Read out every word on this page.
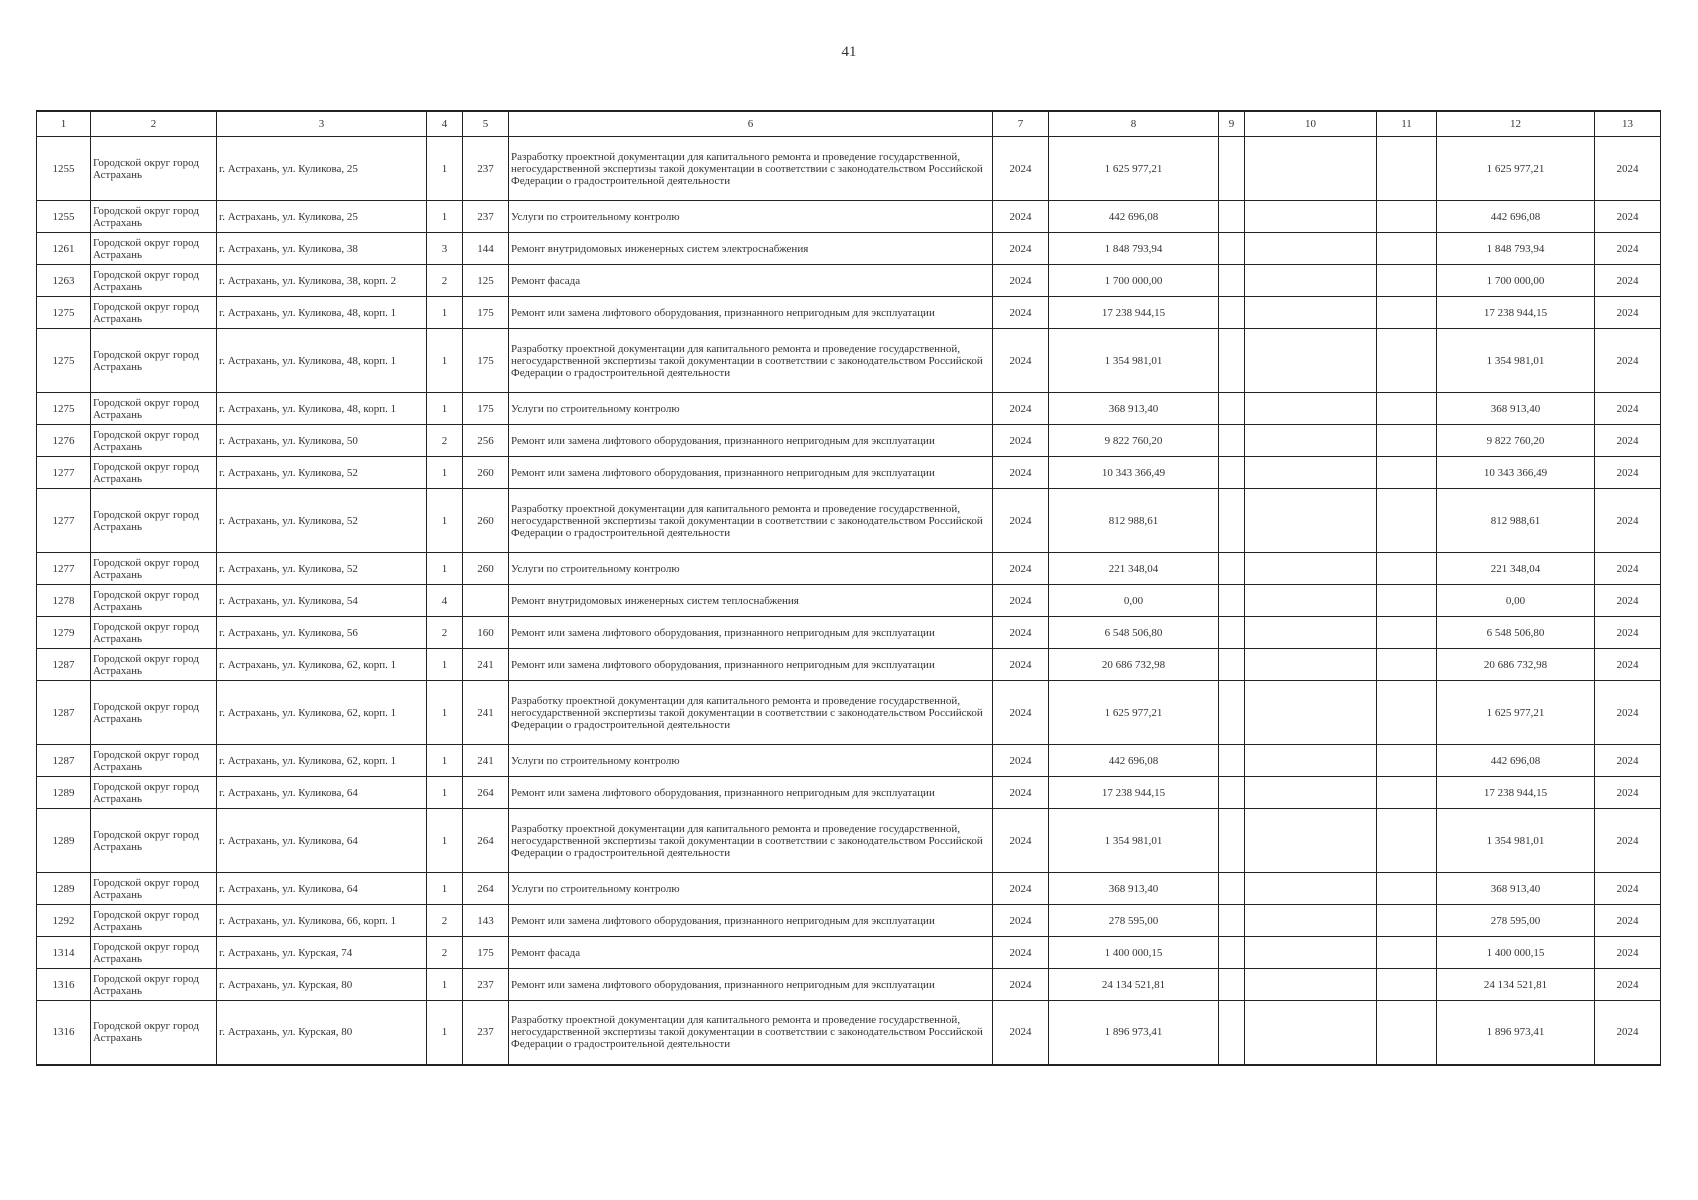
41
1	2	3	4	5	6	7	8	9	10	11	12	13
1255	Городской округ город Астрахань	г. Астрахань, ул. Куликова, 25	1	237	Разработку проектной документации для капитального ремонта и проведение государственной, негосударственной экспертизы такой документации в соответствии с законодательством Российской Федерации о градостроительной деятельности	2024	1 625 977,21				1 625 977,21	2024
1255	Городской округ город Астрахань	г. Астрахань, ул. Куликова, 25	1	237	Услуги по строительному контролю	2024	442 696,08				442 696,08	2024
1261	Городской округ город Астрахань	г. Астрахань, ул. Куликова, 38	3	144	Ремонт внутридомовых инженерных систем электроснабжения	2024	1 848 793,94				1 848 793,94	2024
1263	Городской округ город Астрахань	г. Астрахань, ул. Куликова, 38, корп. 2	2	125	Ремонт фасада	2024	1 700 000,00				1 700 000,00	2024
1275	Городской округ город Астрахань	г. Астрахань, ул. Куликова, 48, корп. 1	1	175	Ремонт или замена лифтового оборудования, признанного непригодным для эксплуатации	2024	17 238 944,15				17 238 944,15	2024
1275	Городской округ город Астрахань	г. Астрахань, ул. Куликова, 48, корп. 1	1	175	Разработку проектной документации для капитального ремонта и проведение государственной, негосударственной экспертизы такой документации в соответствии с законодательством Российской Федерации о градостроительной деятельности	2024	1 354 981,01				1 354 981,01	2024
1275	Городской округ город Астрахань	г. Астрахань, ул. Куликова, 48, корп. 1	1	175	Услуги по строительному контролю	2024	368 913,40				368 913,40	2024
1276	Городской округ город Астрахань	г. Астрахань, ул. Куликова, 50	2	256	Ремонт или замена лифтового оборудования, признанного непригодным для эксплуатации	2024	9 822 760,20				9 822 760,20	2024
1277	Городской округ город Астрахань	г. Астрахань, ул. Куликова, 52	1	260	Ремонт или замена лифтового оборудования, признанного непригодным для эксплуатации	2024	10 343 366,49				10 343 366,49	2024
1277	Городской округ город Астрахань	г. Астрахань, ул. Куликова, 52	1	260	Разработку проектной документации для капитального ремонта и проведение государственной, негосударственной экспертизы такой документации в соответствии с законодательством Российской Федерации о градостроительной деятельности	2024	812 988,61				812 988,61	2024
1277	Городской округ город Астрахань	г. Астрахань, ул. Куликова, 52	1	260	Услуги по строительному контролю	2024	221 348,04				221 348,04	2024
1278	Городской округ город Астрахань	г. Астрахань, ул. Куликова, 54	4		Ремонт внутридомовых инженерных систем теплоснабжения	2024	0,00				0,00	2024
1279	Городской округ город Астрахань	г. Астрахань, ул. Куликова, 56	2	160	Ремонт или замена лифтового оборудования, признанного непригодным для эксплуатации	2024	6 548 506,80				6 548 506,80	2024
1287	Городской округ город Астрахань	г. Астрахань, ул. Куликова, 62, корп. 1	1	241	Ремонт или замена лифтового оборудования, признанного непригодным для эксплуатации	2024	20 686 732,98				20 686 732,98	2024
1287	Городской округ город Астрахань	г. Астрахань, ул. Куликова, 62, корп. 1	1	241	Разработку проектной документации для капитального ремонта и проведение государственной, негосударственной экспертизы такой документации в соответствии с законодательством Российской Федерации о градостроительной деятельности	2024	1 625 977,21				1 625 977,21	2024
1287	Городской округ город Астрахань	г. Астрахань, ул. Куликова, 62, корп. 1	1	241	Услуги по строительному контролю	2024	442 696,08				442 696,08	2024
1289	Городской округ город Астрахань	г. Астрахань, ул. Куликова, 64	1	264	Ремонт или замена лифтового оборудования, признанного непригодным для эксплуатации	2024	17 238 944,15				17 238 944,15	2024
1289	Городской округ город Астрахань	г. Астрахань, ул. Куликова, 64	1	264	Разработку проектной документации для капитального ремонта и проведение государственной, негосударственной экспертизы такой документации в соответствии с законодательством Российской Федерации о градостроительной деятельности	2024	1 354 981,01				1 354 981,01	2024
1289	Городской округ город Астрахань	г. Астрахань, ул. Куликова, 64	1	264	Услуги по строительному контролю	2024	368 913,40				368 913,40	2024
1292	Городской округ город Астрахань	г. Астрахань, ул. Куликова, 66, корп. 1	2	143	Ремонт или замена лифтового оборудования, признанного непригодным для эксплуатации	2024	278 595,00				278 595,00	2024
1314	Городской округ город Астрахань	г. Астрахань, ул. Курская, 74	2	175	Ремонт фасада	2024	1 400 000,15				1 400 000,15	2024
1316	Городской округ город Астрахань	г. Астрахань, ул. Курская, 80	1	237	Ремонт или замена лифтового оборудования, признанного непригодным для эксплуатации	2024	24 134 521,81				24 134 521,81	2024
1316	Городской округ город Астрахань	г. Астрахань, ул. Курская, 80	1	237	Разработку проектной документации для капитального ремонта и проведение государственной, негосударственной экспертизы такой документации в соответствии с законодательством Российской Федерации о градостроительной деятельности	2024	1 896 973,41				1 896 973,41	2024
